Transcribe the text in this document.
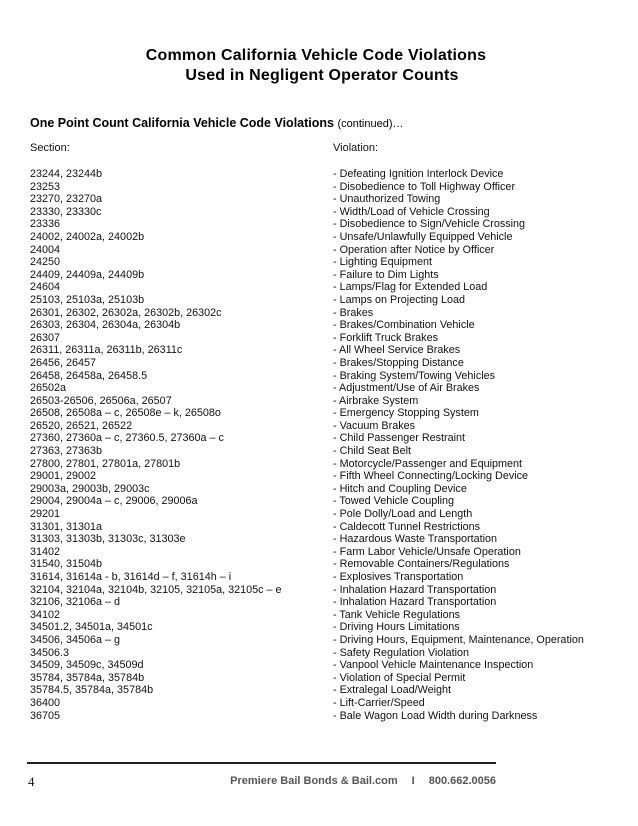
Common California Vehicle Code Violations
Used in Negligent Operator Counts
One Point Count California Vehicle Code Violations (continued)…
Section:	Violation:
23244, 23244b	- Defeating Ignition Interlock Device
23253	- Disobedience to Toll Highway Officer
23270, 23270a	- Unauthorized Towing
23330, 23330c	- Width/Load of Vehicle Crossing
23336	- Disobedience to Sign/Vehicle Crossing
24002, 24002a, 24002b	- Unsafe/Unlawfully Equipped Vehicle
24004	- Operation after Notice by Officer
24250	- Lighting Equipment
24409, 24409a, 24409b	- Failure to Dim Lights
24604	- Lamps/Flag for Extended Load
25103, 25103a, 25103b	- Lamps on Projecting Load
26301, 26302, 26302a, 26302b, 26302c	- Brakes
26303, 26304, 26304a, 26304b	- Brakes/Combination Vehicle
26307	- Forklift Truck Brakes
26311, 26311a, 26311b, 26311c	- All Wheel Service Brakes
26456, 26457	- Brakes/Stopping Distance
26458, 26458a, 26458.5	- Braking System/Towing Vehicles
26502a	- Adjustment/Use of Air Brakes
26503-26506, 26506a, 26507	- Airbrake System
26508, 26508a – c, 26508e – k, 26508o	- Emergency Stopping System
26520, 26521, 26522	- Vacuum Brakes
27360, 27360a – c, 27360.5, 27360a – c	- Child Passenger Restraint
27363, 27363b	- Child Seat Belt
27800, 27801, 27801a, 27801b	- Motorcycle/Passenger and Equipment
29001, 29002	- Fifth Wheel Connecting/Locking Device
29003a, 29003b, 29003c	- Hitch and Coupling Device
29004, 29004a – c, 29006, 29006a	- Towed Vehicle Coupling
29201	- Pole Dolly/Load and Length
31301, 31301a	- Caldecott Tunnel Restrictions
31303, 31303b, 31303c, 31303e	- Hazardous Waste Transportation
31402	- Farm Labor Vehicle/Unsafe Operation
31540, 31504b	- Removable Containers/Regulations
31614, 31614a - b, 31614d – f, 31614h – i	- Explosives Transportation
32104, 32104a, 32104b, 32105, 32105a, 32105c – e	- Inhalation Hazard Transportation
32106, 32106a – d	- Inhalation Hazard Transportation
34102	- Tank Vehicle Regulations
34501.2, 34501a, 34501c	- Driving Hours Limitations
34506, 34506a – g	- Driving Hours, Equipment, Maintenance, Operation
34506.3	- Safety Regulation Violation
34509, 34509c, 34509d	- Vanpool Vehicle Maintenance Inspection
35784, 35784a, 35784b	- Violation of Special Permit
35784.5, 35784a, 35784b	- Extralegal Load/Weight
36400	- Lift-Carrier/Speed
36705	- Bale Wagon Load Width during Darkness
4	Premiere Bail Bonds & Bail.com I 800.662.0056
